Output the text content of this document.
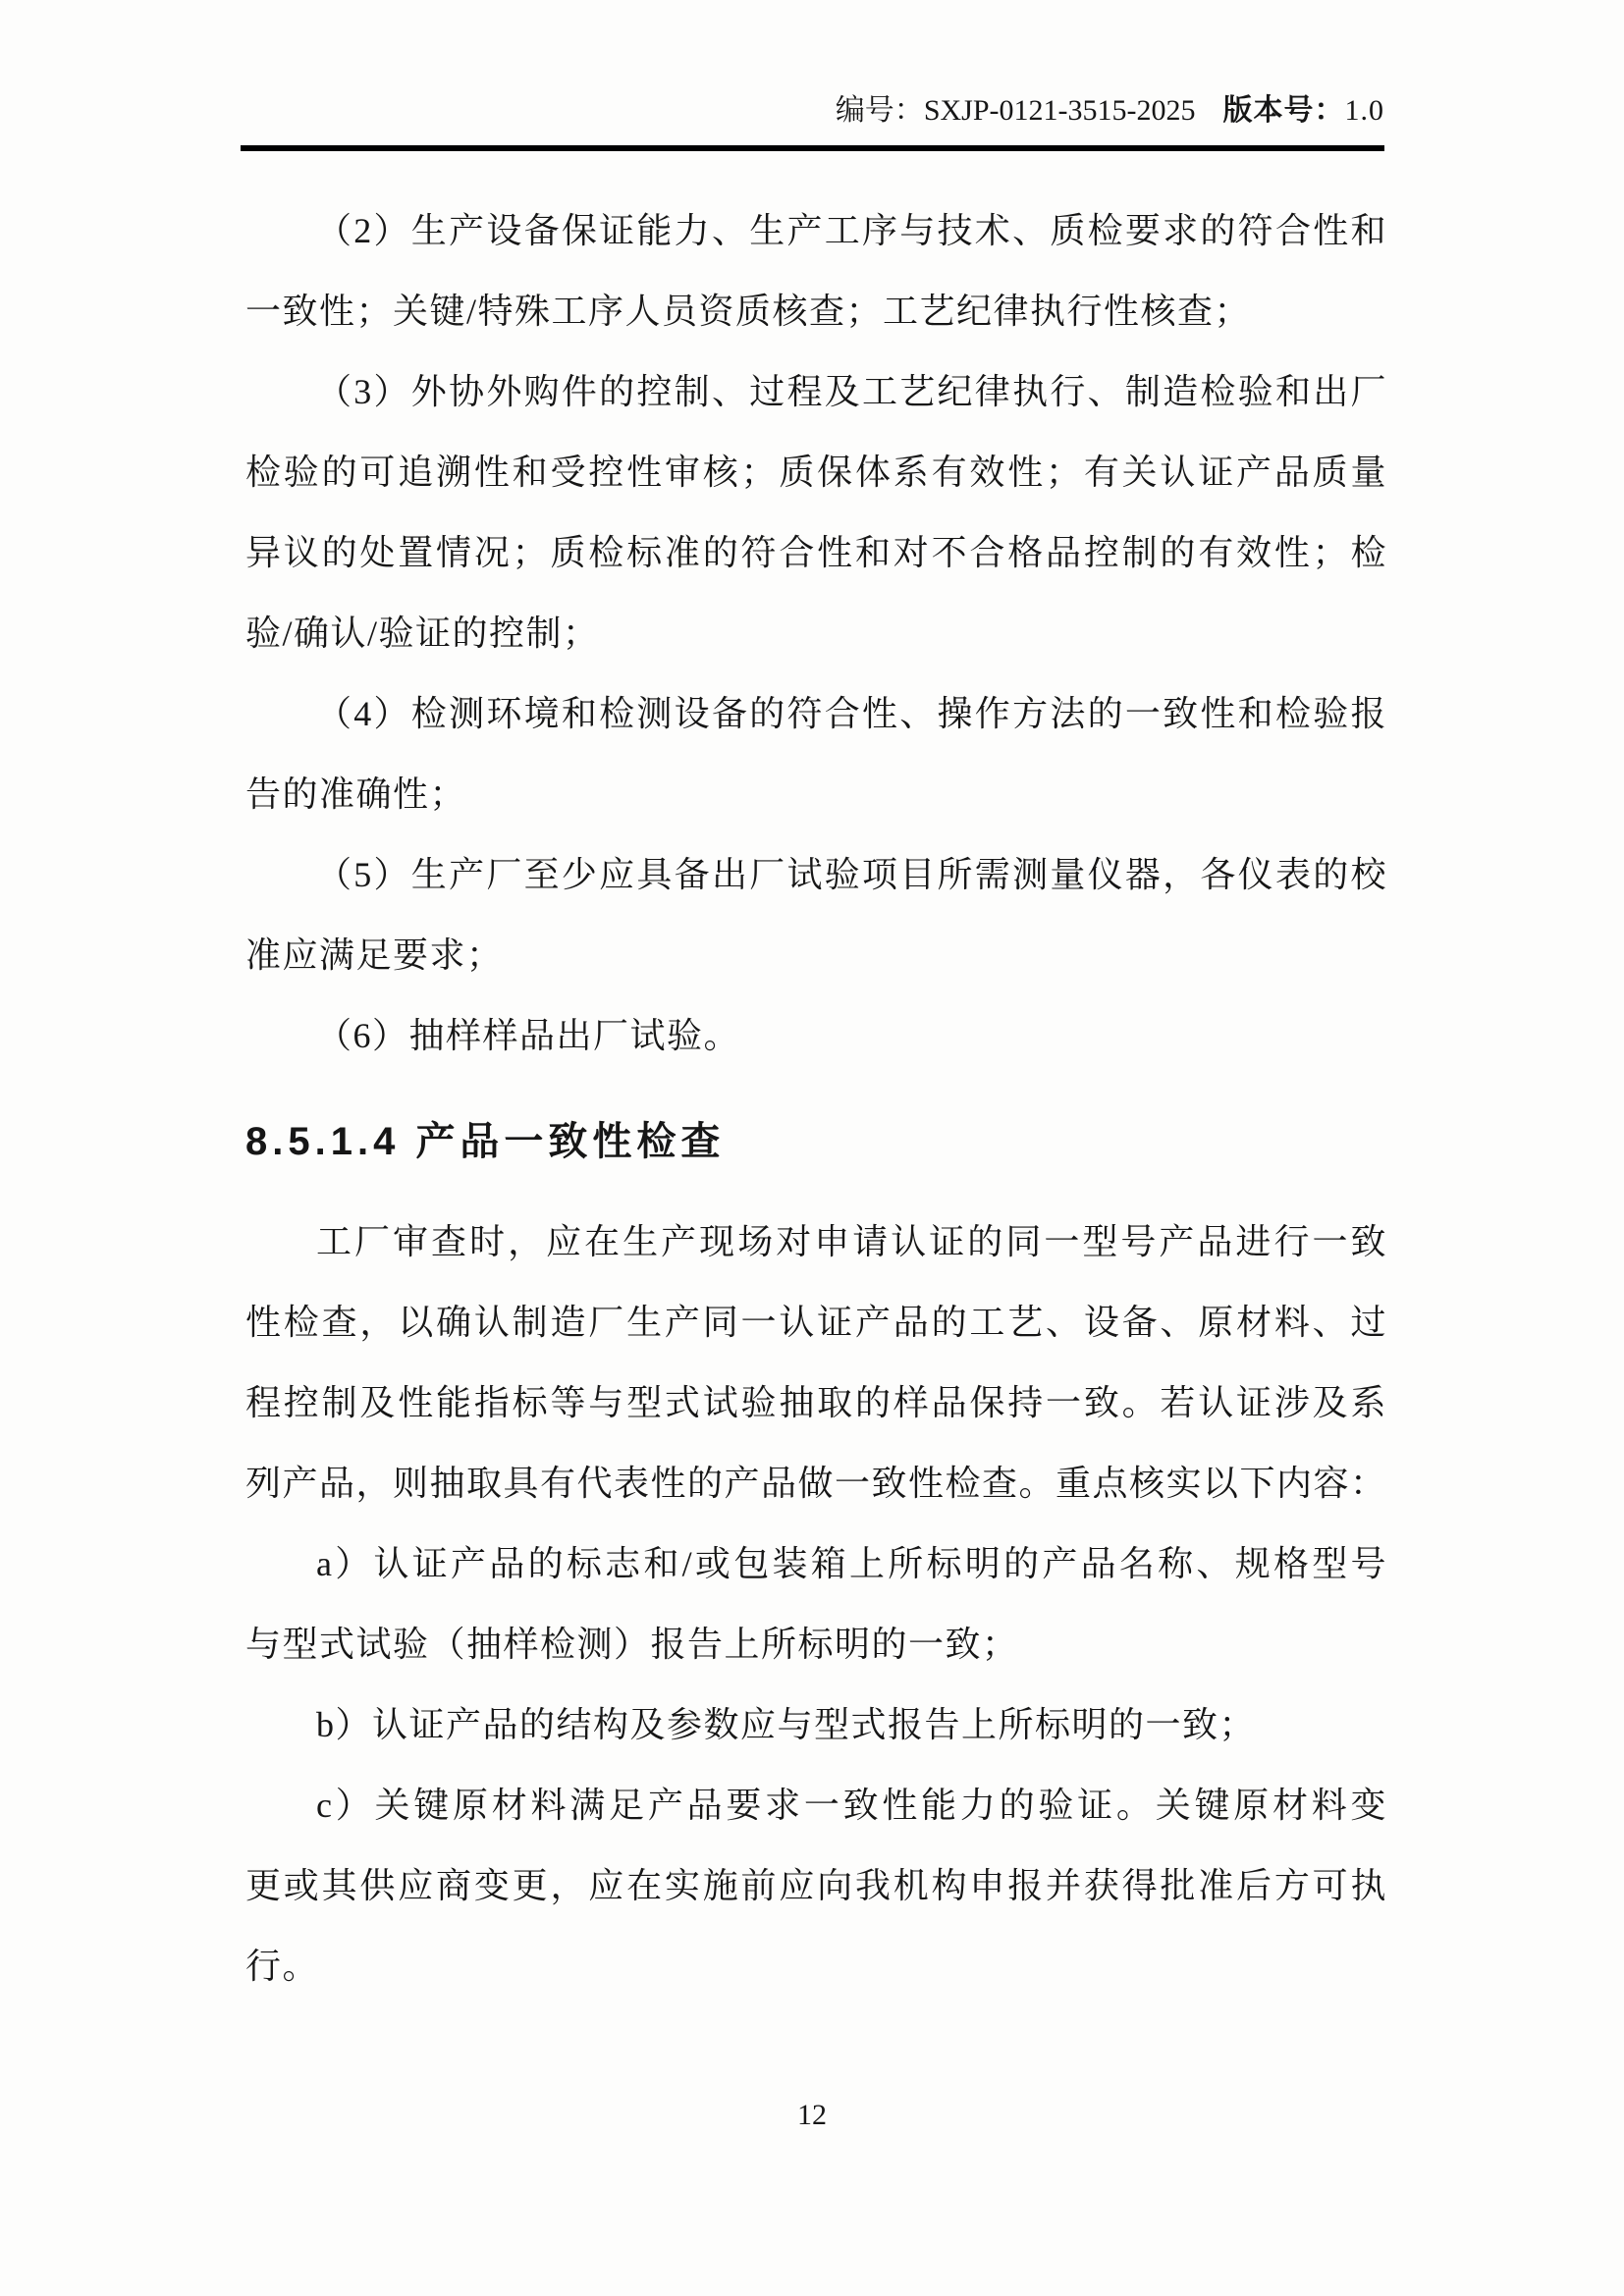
编号：SXJP-0121-3515-2025 版本号：1.0
（2）生产设备保证能力、生产工序与技术、质检要求的符合性和
一致性；关键/特殊工序人员资质核查；工艺纪律执行性核查；
（3）外协外购件的控制、过程及工艺纪律执行、制造检验和出厂
检验的可追溯性和受控性审核；质保体系有效性；有关认证产品质量
异议的处置情况；质检标准的符合性和对不合格品控制的有效性；检
验/确认/验证的控制；
（4）检测环境和检测设备的符合性、操作方法的一致性和检验报
告的准确性；
（5）生产厂至少应具备出厂试验项目所需测量仪器，各仪表的校
准应满足要求；
（6）抽样样品出厂试验。
8.5.1.4 产品一致性检查
工厂审查时，应在生产现场对申请认证的同一型号产品进行一致
性检查，以确认制造厂生产同一认证产品的工艺、设备、原材料、过
程控制及性能指标等与型式试验抽取的样品保持一致。若认证涉及系
列产品，则抽取具有代表性的产品做一致性检查。重点核实以下内容：
a）认证产品的标志和/或包装箱上所标明的产品名称、规格型号
与型式试验（抽样检测）报告上所标明的一致；
b）认证产品的结构及参数应与型式报告上所标明的一致；
c）关键原材料满足产品要求一致性能力的验证。关键原材料变
更或其供应商变更，应在实施前应向我机构申报并获得批准后方可执
行。
12
